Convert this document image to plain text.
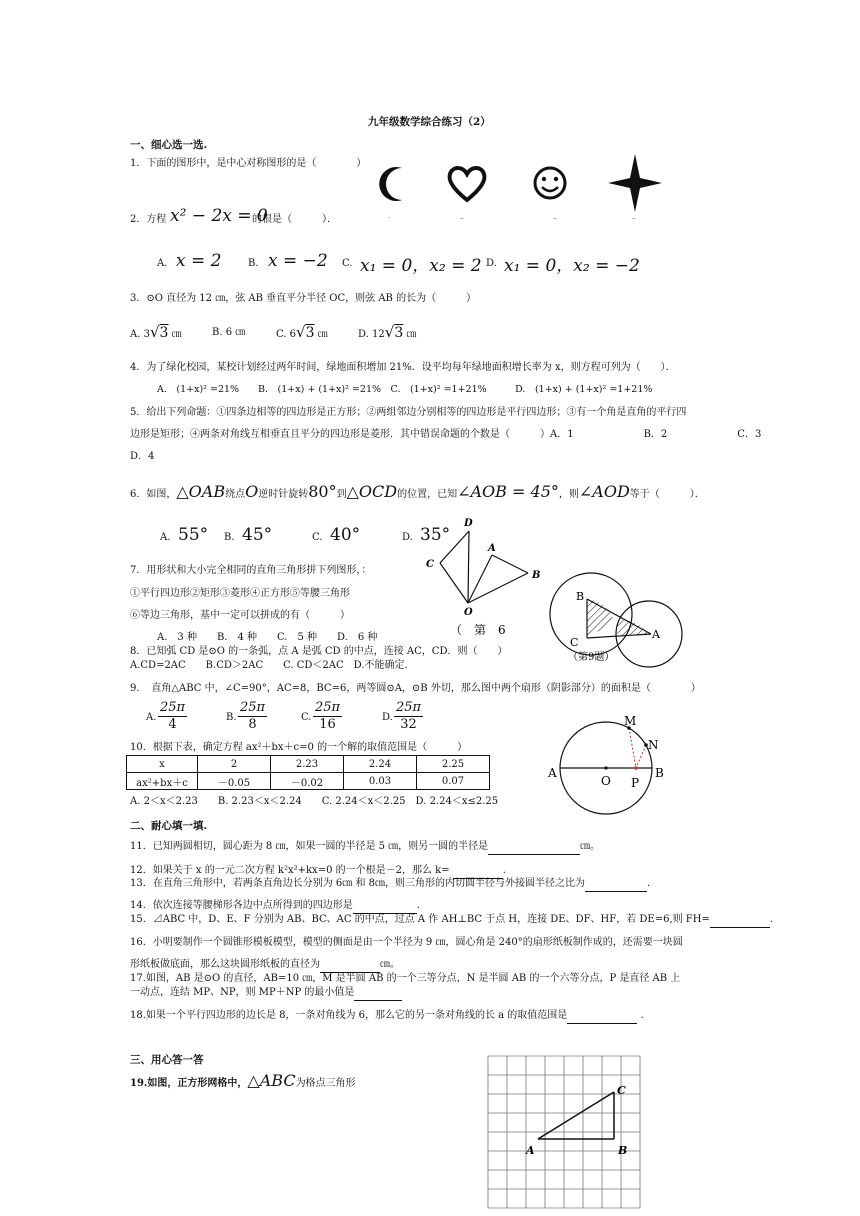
九年级数学综合练习（2）
一、细心选一选.
1．下面的图形中，是中心对称图形的是（　　　　）
.	–	–	–
2．方程 x² − 2x = 0
的根是（　　　）．
A. x = 2	B. x = −2 C. x₁ = 0，x₂ = 2 D. x₁ = 0，x₂ = −2
3．⊙O 直径为 12 ㎝，弦 AB 垂直平分半径 OC，则弦 AB 的长为（　　　）
A. 3√3 ㎝	B. 6 ㎝	C. 6√3 ㎝	D. 12√3 ㎝
4．为了绿化校园，某校计划经过两年时间，绿地面积增加 21%．设平均每年绿地面积增长率为 x，则方程可列为（　　）．
A.　(1+x)² =21%　　B.　(1+x) + (1+x)² =21%　C.　(1+x)² =1+21%　　　D.　(1+x) + (1+x)² =1+21%
5．给出下列命题：①四条边相等的四边形是正方形；②两组邻边分别相等的四边形是平行四边形；③有一个角是直角的平行四
边形是矩形；④两条对角线互相垂直且平分的四边形是菱形．其中错误命题的个数是（　　　）A．1　　　　　　　B．2　　　　　　　C．3
D．4
6．如图，△OAB绕点O逆时针旋转80°到△OCD的位置，已知∠AOB = 45°，则∠AOD等于（　　　）．
A. 55° B. 45°	C. 40°	D. 35°
D
A
C
B
O
（　第　6
7．用形状和大小完全相同的直角三角形拼下列图形，：
①平行四边形②矩形③菱形④正方形⑤等腰三角形
⑥等边三角形，基中一定可以拼成的有（　　　）
A.　3 种　　B.　4 种　　C.　5 种　　D.　6 种
B
C
A
（第9题）
8．已知弧 CD 是⊙O 的一条弧，点 A 是弧 CD 的中点，连接 AC，CD．则（　　）
A.CD=2AC　　B.CD＞2AC　　C. CD＜2AC　D.不能确定.
9．　直角△ABC 中，∠C=90°，AC=8，BC=6，两等圆⊙A，⊙B 外切，那么图中两个扇形（阴影部分）的面积是（　　　　）
A. $\frac{25\pi}{4}$	B. $\frac{25\pi}{8}$	C. $\frac{25\pi}{16}$	D. $\frac{25\pi}{32}$	M
N
A
O P
B
10．根据下表，确定方程 ax²＋bx＋c=0 的一个解的取值范围是（　　　）
x	2	2.23	2.24	2.25
ax²+bx＋c	－0.05	－0.02	0.03	0.07
A. 2＜x＜2.23　　B. 2.23＜x＜2.24　　C. 2.24＜x＜2.25　D. 2.24＜x≤2.25
二、耐心填一填.
11．已知两圆相切，圆心距为 8 ㎝，如果一圆的半径是 5 ㎝，则另一圆的半径是	㎝。
12．如果关于 x 的一元二次方程 k²x²+kx=0 的一个根是－2，那么 k=	.
13．在直角三角形中，若两条直角边长分别为 6㎝ 和 8㎝，则三角形的内切圆半径与外接圆半径之比为	.
14．依次连接等腰梯形各边中点所得到的四边形是	.
15．⊿ABC 中，D、E、F 分别为 AB、BC、AC 的中点，过点 A 作 AH⊥BC 于点 H，连接 DE、DF、HF，若 DE=6,则 FH=	.
16．小明要制作一个圆锥形模板模型，模型的侧面是由一个半径为 9 ㎝，圆心角是 240°的扇形纸板制作成的，还需要一块圆
形纸板做底面，那么这块圆形纸板的直径为	㎝。
17.如图，AB 是⊙O 的直径，AB=10 ㎝，M 是半圆 AB 的一个三等分点，N 是半圆 AB 的一个六等分点，P 是直径 AB 上
一动点，连结 MP、NP，则 MP＋NP 的最小值是
18.如果一个平行四边形的边长是 8，一条对角线为 6，那么它的另一条对角线的长 a 的取值范围是	.
三、用心答一答
19.如图，正方形网格中，△ABC为格点三角形
C
A	B
